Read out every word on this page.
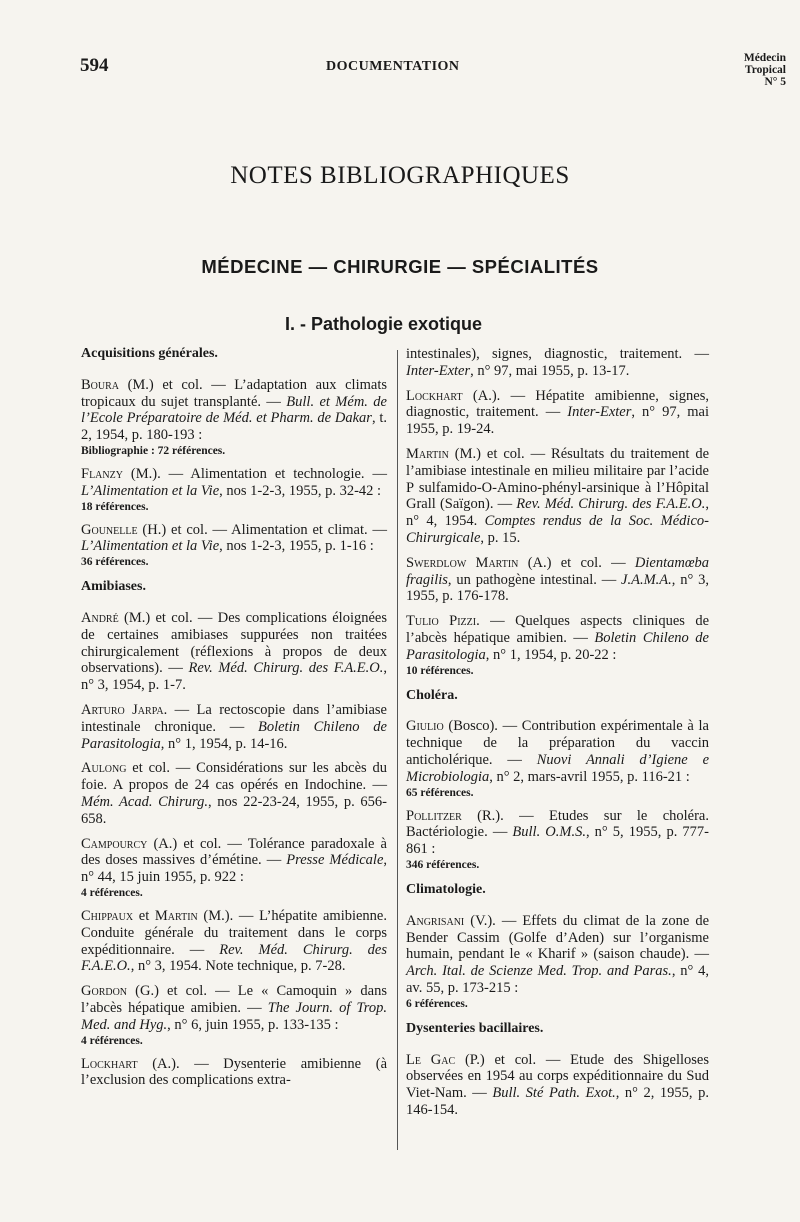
594	DOCUMENTATION
Médecin
Tropical
N° 5
NOTES BIBLIOGRAPHIQUES
MÉDECINE — CHIRURGIE — SPÉCIALITÉS
I. - Pathologie exotique
Acquisitions générales.

Boura (M.) et col. — L’adaptation aux climats tropicaux du sujet transplanté. — Bull. et Mém. de l’Ecole Préparatoire de Méd. et Pharm. de Dakar, t. 2, 1954, p. 180-193 :

Bibliographie : 72 références.

Flanzy (M.). — Alimentation et technologie. — L’Alimentation et la Vie, nos 1-2-3, 1955, p. 32-42 :

18 références.

Gounelle (H.) et col. — Alimentation et climat. — L’Alimentation et la Vie, nos 1-2-3, 1955, p. 1-16 :

36 références.
Amibiases.

André (M.) et col. — Des complications éloignées de certaines amibiases suppurées non traitées chirurgicalement (réflexions à propos de deux observations). — Rev. Méd. Chirurg. des F.A.E.O., n° 3, 1954, p. 1-7.

Arturo Jarpa. — La rectoscopie dans l’amibiase intestinale chronique. — Boletin Chileno de Parasitologia, n° 1, 1954, p. 14-16.

Aulong et col. — Considérations sur les abcès du foie. A propos de 24 cas opérés en Indochine. — Mém. Acad. Chirurg., nos 22-23-24, 1955, p. 656-658.

Campourcy (A.) et col. — Tolérance paradoxale à des doses massives d’émétine. — Presse Médicale, n° 44, 15 juin 1955, p. 922 :

4 références.

Chippaux et Martin (M.). — L’hépatite amibienne. Conduite générale du traitement dans le corps expéditionnaire. — Rev. Méd. Chirurg. des F.A.E.O., n° 3, 1954. Note technique, p. 7-28.

Gordon (G.) et col. — Le « Camoquin » dans l’abcès hépatique amibien. — The Journ. of Trop. Med. and Hyg., n° 6, juin 1955, p. 133-135 :

4 références.

Lockhart (A.). — Dysenterie amibienne (à l’exclusion des complications extra-

intestinales), signes, diagnostic, traitement. — Inter-Exter, n° 97, mai 1955, p. 13-17.

Lockhart (A.). — Hépatite amibienne, signes, diagnostic, traitement. — Inter-Exter, n° 97, mai 1955, p. 19-24.

Martin (M.) et col. — Résultats du traitement de l’amibiase intestinale en milieu militaire par l’acide P sulfamido-O-Amino-phényl-arsinique à l’Hôpital Grall (Saïgon). — Rev. Méd. Chirurg. des F.A.E.O., n° 4, 1954. Comptes rendus de la Soc. Médico-Chirurgicale, p. 15.

Swerdlow Martin (A.) et col. — Dientamœba fragilis, un pathogène intestinal. — J.A.M.A., n° 3, 1955, p. 176-178.

Tulio Pizzi. — Quelques aspects cliniques de l’abcès hépatique amibien. — Boletin Chileno de Parasitologia, n° 1, 1954, p. 20-22 :

10 références.
Choléra.

Giulio (Bosco). — Contribution expérimentale à la technique de la préparation du vaccin anticholérique. — Nuovi Annali d’Igiene e Microbiologia, n° 2, mars-avril 1955, p. 116-21 :

65 références.

Pollitzer (R.). — Etudes sur le choléra. Bactériologie. — Bull. O.M.S., n° 5, 1955, p. 777-861 :

346 références.
Climatologie.

Angrisani (V.). — Effets du climat de la zone de Bender Cassim (Golfe d’Aden) sur l’organisme humain, pendant le « Kharif » (saison chaude). — Arch. Ital. de Scienze Med. Trop. and Paras., n° 4, av. 55, p. 173-215 :

6 références.
Dysenteries bacillaires.

Le Gac (P.) et col. — Etude des Shigelloses observées en 1954 au corps expéditionnaire du Sud Viet-Nam. — Bull. Sté Path. Exot., n° 2, 1955, p. 146-154.
